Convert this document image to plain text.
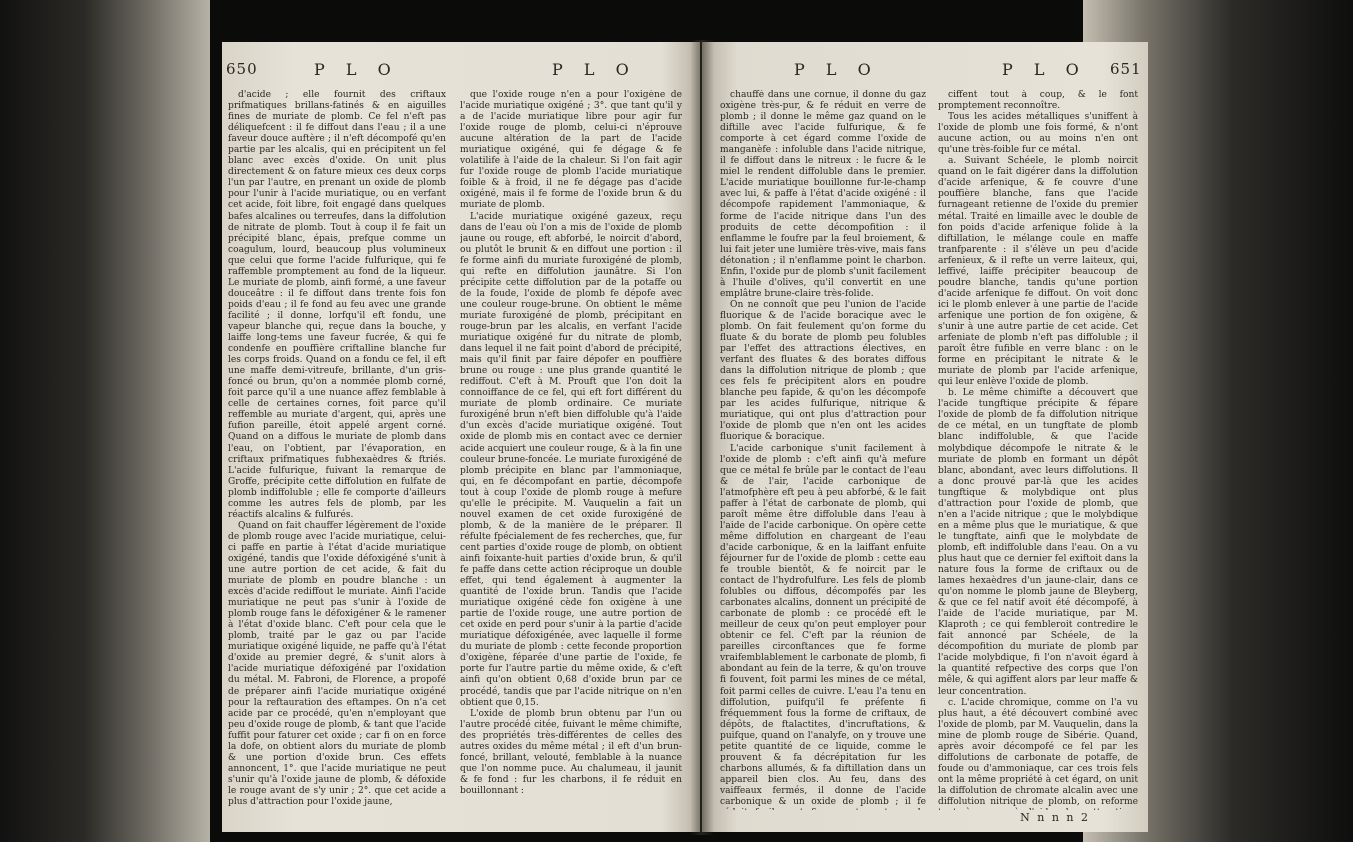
650	P L O	P L O

d'acide ; elle fournit des criftaux prifmatiques brillans-fatinés & en aiguilles fines de muriate de plomb. Ce fel n'eft pas déliquefcent : il fe diffout dans l'eau ; il a une faveur douce auftère ; il n'eft décompofé qu'en partie par les alcalis, qui en précipitent un fel blanc avec excès d'oxide. On unit plus directement & on fature mieux ces deux corps l'un par l'autre, en prenant un oxide de plomb pour l'unir à l'acide muriatique, ou en verfant cet acide, foit libre, foit engagé dans quelques bafes alcalines ou terreufes, dans la diffolution de nitrate de plomb. Tout à coup il fe fait un précipité blanc, épais, prefque comme un coagulum, lourd, beaucoup plus volumineux que celui que forme l'acide fulfurique, qui fe raffemble promptement au fond de la liqueur. Le muriate de plomb, ainfi formé, a une faveur douceâtre : il fe diffout dans trente fois fon poids d'eau ; il fe fond au feu avec une grande facilité ; il donne, lorfqu'il eft fondu, une vapeur blanche qui, reçue dans la bouche, y laiffe long-tems une faveur fucrée, & qui fe condenfe en pouffière criftalline blanche fur les corps froids. Quand on a fondu ce fel, il eft une maffe demi-vitreufe, brillante, d'un gris-foncé ou brun, qu'on a nommée plomb corné, foit parce qu'il a une nuance affez femblable à celle de certaines cornes, foit parce qu'il reffemble au muriate d'argent, qui, après une fufion pareille, étoit appelé argent corné. Quand on a diffous le muriate de plomb dans l'eau, on l'obtient, par l'évaporation, en criftaux prifmatiques fubhexaèdres & ftriés. L'acide fulfurique, fuivant la remarque de Groffe, précipite cette diffolution en fulfate de plomb indiffoluble ; elle fe comporte d'ailleurs comme les autres fels de plomb, par les réactifs alcalins & fulfurés.

Quand on fait chauffer légèrement de l'oxide de plomb rouge avec l'acide muriatique, celui-ci paffe en partie à l'état d'acide muriatique oxigéné, tandis que l'oxide défoxigéné s'unit à une autre portion de cet acide, & fait du muriate de plomb en poudre blanche : un excès d'acide rediffout le muriate. Ainfi l'acide muriatique ne peut pas s'unir à l'oxide de plomb rouge fans le défoxigéner & le ramener à l'état d'oxide blanc. C'eft pour cela que le plomb, traité par le gaz ou par l'acide muriatique oxigéné liquide, ne paffe qu'à l'état d'oxide au premier degré, & s'unit alors à l'acide muriatique défoxigéné par l'oxidation du métal. M. Fabroni, de Florence, a propofé de préparer ainfi l'acide muriatique oxigéné pour la reftauration des eftampes. On n'a cet acide par ce procédé, qu'en n'employant que peu d'oxide rouge de plomb, & tant que l'acide fuffit pour faturer cet oxide ; car fi on en force la dofe, on obtient alors du muriate de plomb & une portion d'oxide brun. Ces effets annoncent, 1°. que l'acide muriatique ne peut s'unir qu'à l'oxide jaune de plomb, & défoxide le rouge avant de s'y unir ; 2°. que cet acide a plus d'attraction pour l'oxide jaune,

que l'oxide rouge n'en a pour l'oxigène de l'acide muriatique oxigéné ; 3°. que tant qu'il y a de l'acide muriatique libre pour agir fur l'oxide rouge de plomb, celui-ci n'éprouve aucune altération de la part de l'acide muriatique oxigéné, qui fe dégage & fe volatilife à l'aide de la chaleur. Si l'on fait agir fur l'oxide rouge de plomb l'acide muriatique foible & à froid, il ne fe dégage pas d'acide oxigéné, mais il fe forme de l'oxide brun & du muriate de plomb.

L'acide muriatique oxigéné gazeux, reçu dans de l'eau où l'on a mis de l'oxide de plomb jaune ou rouge, eft abforbé, le noircit d'abord, ou plutôt le brunit & en diffout une portion : il fe forme ainfi du muriate furoxigéné de plomb, qui refte en diffolution jaunâtre. Si l'on précipite cette diffolution par de la potaffe ou de la foude, l'oxide de plomb fe dépofe avec une couleur rouge-brune. On obtient le même muriate furoxigéné de plomb, précipitant en rouge-brun par les alcalis, en verfant l'acide muriatique oxigéné fur du nitrate de plomb, dans lequel il ne fait point d'abord de précipité, mais qu'il finit par faire dépofer en pouffière brune ou rouge : une plus grande quantité le rediffout. C'eft à M. Prouft que l'on doit la connoiffance de ce fel, qui eft fort différent du muriate de plomb ordinaire. Ce muriate furoxigéné brun n'eft bien diffoluble qu'à l'aide d'un excès d'acide muriatique oxigéné. Tout oxide de plomb mis en contact avec ce dernier acide acquiert une couleur rouge, & à la fin une couleur brune-foncée. Le muriate furoxigéné de plomb précipite en blanc par l'ammoniaque, qui, en fe décompofant en partie, décompofe tout à coup l'oxide de plomb rouge à mefure qu'elle le précipite. M. Vauquelin a fait un nouvel examen de cet oxide furoxigéné de plomb, & de la manière de le préparer. Il réfulte fpécialement de fes recherches, que, fur cent parties d'oxide rouge de plomb, on obtient ainfi foixante-huit parties d'oxide brun, & qu'il fe paffe dans cette action réciproque un double effet, qui tend également à augmenter la quantité de l'oxide brun. Tandis que l'acide muriatique oxigéné cède fon oxigène à une partie de l'oxide rouge, une autre portion de cet oxide en perd pour s'unir à la partie d'acide muriatique défoxigénée, avec laquelle il forme du muriate de plomb : cette feconde proportion d'oxigène, féparée d'une partie de l'oxide, fe porte fur l'autre partie du même oxide, & c'eft ainfi qu'on obtient 0,68 d'oxide brun par ce procédé, tandis que par l'acide nitrique on n'en obtient que 0,15.

L'oxide de plomb brun obtenu par l'un ou l'autre procédé citée, fuivant le même chimifte, des propriétés très-différentes de celles des autres oxides du même métal ; il eft d'un brun-foncé, brillant, velouté, femblable à la nuance que l'on nomme puce. Au chalumeau, il jaunit & fe fond : fur les charbons, il fe réduit en bouillonnant :

P L O	P L O 651

chauffé dans une cornue, il donne du gaz oxigène très-pur, & fe réduit en verre de plomb ; il donne le même gaz quand on le diftille avec l'acide fulfurique, & fe comporte à cet égard comme l'oxide de manganèfe : infoluble dans l'acide nitrique, il fe diffout dans le nitreux : le fucre & le miel le rendent diffoluble dans le premier. L'acide muriatique bouillonne fur-le-champ avec lui, & paffe à l'état d'acide oxigéné : il décompofe rapidement l'ammoniaque, & forme de l'acide nitrique dans l'un des produits de cette décompofition : il enflamme le foufre par la feul broiement, & lui fait jeter une lumière très-vive, mais fans détonation ; il n'enflamme point le charbon. Enfin, l'oxide pur de plomb s'unit facilement à l'huile d'olives, qu'il convertit en une emplâtre brune-claire très-folide.

On ne connoît que peu l'union de l'acide fluorique & de l'acide boracique avec le plomb. On fait feulement qu'on forme du fluate & du borate de plomb peu folubles par l'effet des attractions électives, en verfant des fluates & des borates diffous dans la diffolution nitrique de plomb ; que ces fels fe précipitent alors en poudre blanche peu fapide, & qu'on les décompofe par les acides fulfurique, nitrique & muriatique, qui ont plus d'attraction pour l'oxide de plomb que n'en ont les acides fluorique & boracique.

L'acide carbonique s'unit facilement à l'oxide de plomb : c'eft ainfi qu'à mefure que ce métal fe brûle par le contact de l'eau & de l'air, l'acide carbonique de l'atmofphère eft peu à peu abforbé, & le fait paffer à l'état de carbonate de plomb, qui paroît même être diffoluble dans l'eau à l'aide de l'acide carbonique. On opère cette même diffolution en chargeant de l'eau d'acide carbonique, & en la laiffant enfuite féjourner fur de l'oxide de plomb : cette eau fe trouble bientôt, & fe noircit par le contact de l'hydrofulfure. Les fels de plomb folubles ou diffous, décompofés par les carbonates alcalins, donnent un précipité de carbonate de plomb : ce procédé eft le meilleur de ceux qu'on peut employer pour obtenir ce fel. C'eft par la réunion de pareilles circonftances que fe forme vraifemblablement le carbonate de plomb, fi abondant au fein de la terre, & qu'on trouve fi fouvent, foit parmi les mines de ce métal, foit parmi celles de cuivre. L'eau l'a tenu en diffolution, puifqu'il fe préfente fi fréquemment fous la forme de criftaux, de dépôts, de ftalactites, d'incruftations, & puifque, quand on l'analyfe, on y trouve une petite quantité de ce liquide, comme le prouvent & fa décrépitation fur les charbons allumés, & fa diftillation dans un appareil bien clos. Au feu, dans des vaiffeaux fermés, il donne de l'acide carbonique & un oxide de plomb ; il fe

ciffent tout à coup, & le font promptement reconnoître.

Tous les acides métalliques s'uniffent à l'oxide de plomb une fois formé, & n'ont aucune action, ou au moins n'en ont qu'une très-foible fur ce métal.

a. Suivant Schéele, le plomb noircit quand on le fait digérer dans la diffolution d'acide arfenique, & fe couvre d'une pouffière blanche, fans que l'acide furnageant retienne de l'oxide du premier métal. Traité en limaille avec le double de fon poids d'acide arfenique folide à la diftillation, le mélange coule en maffe tranfparente : il s'élève un peu d'acide arfenieux, & il refte un verre laiteux, qui, leffivé, laiffe précipiter beaucoup de poudre blanche, tandis qu'une portion d'acide arfenique fe diffout. On voit donc ici le plomb enlever à une partie de l'acide arfenique une portion de fon oxigène, & s'unir à une autre partie de cet acide. Cet arfeniate de plomb n'eft pas diffoluble ; il paroît être fufible en verre blanc : on le forme en précipitant le nitrate & le muriate de plomb par l'acide arfenique, qui leur enlève l'oxide de plomb.

b. Le même chimifte a découvert que l'acide tungftique précipite & fépare l'oxide de plomb de fa diffolution nitrique de ce métal, en un tungftate de plomb blanc indiffoluble, & que l'acide molybdique décompofe le nitrate & le muriate de plomb en formant un dépôt blanc, abondant, avec leurs diffolutions. Il a donc prouvé par-là que les acides tungftique & molybdique ont plus d'attraction pour l'oxide de plomb, que n'en a l'acide nitrique ; que le molybdique en a même plus que le muriatique, & que le tungftate, ainfi que le molybdate de plomb, eft indiffoluble dans l'eau. On a vu plus haut que ce dernier fel exiftoit dans la nature fous la forme de criftaux ou de lames hexaèdres d'un jaune-clair, dans ce qu'on nomme le plomb jaune de Bleyberg, & que ce fel natif avoit été décompofé, à l'aide de l'acide muriatique, par M. Klaproth ; ce qui fembleroit contredire le fait annoncé par Schéele, de la décompofition du muriate de plomb par l'acide molybdique, fi l'on n'avoit égard à la quantité refpective des corps que l'on mêle, & qui agiffent alors par leur maffe & leur concentration.

c. L'acide chromique, comme on l'a vu plus haut, a été découvert combiné avec l'oxide de plomb, par M. Vauquelin, dans la mine de plomb rouge de Sibérie. Quand, après avoir décompofé ce fel par les diffolutions de carbonate de potaffe, de foude ou d'ammoniaque, car ces trois fels ont la même propriété à cet égard, on unit la diffolution de chromate alcalin avec une diffolution nitrique de plomb, on reforme

N n n n 2
